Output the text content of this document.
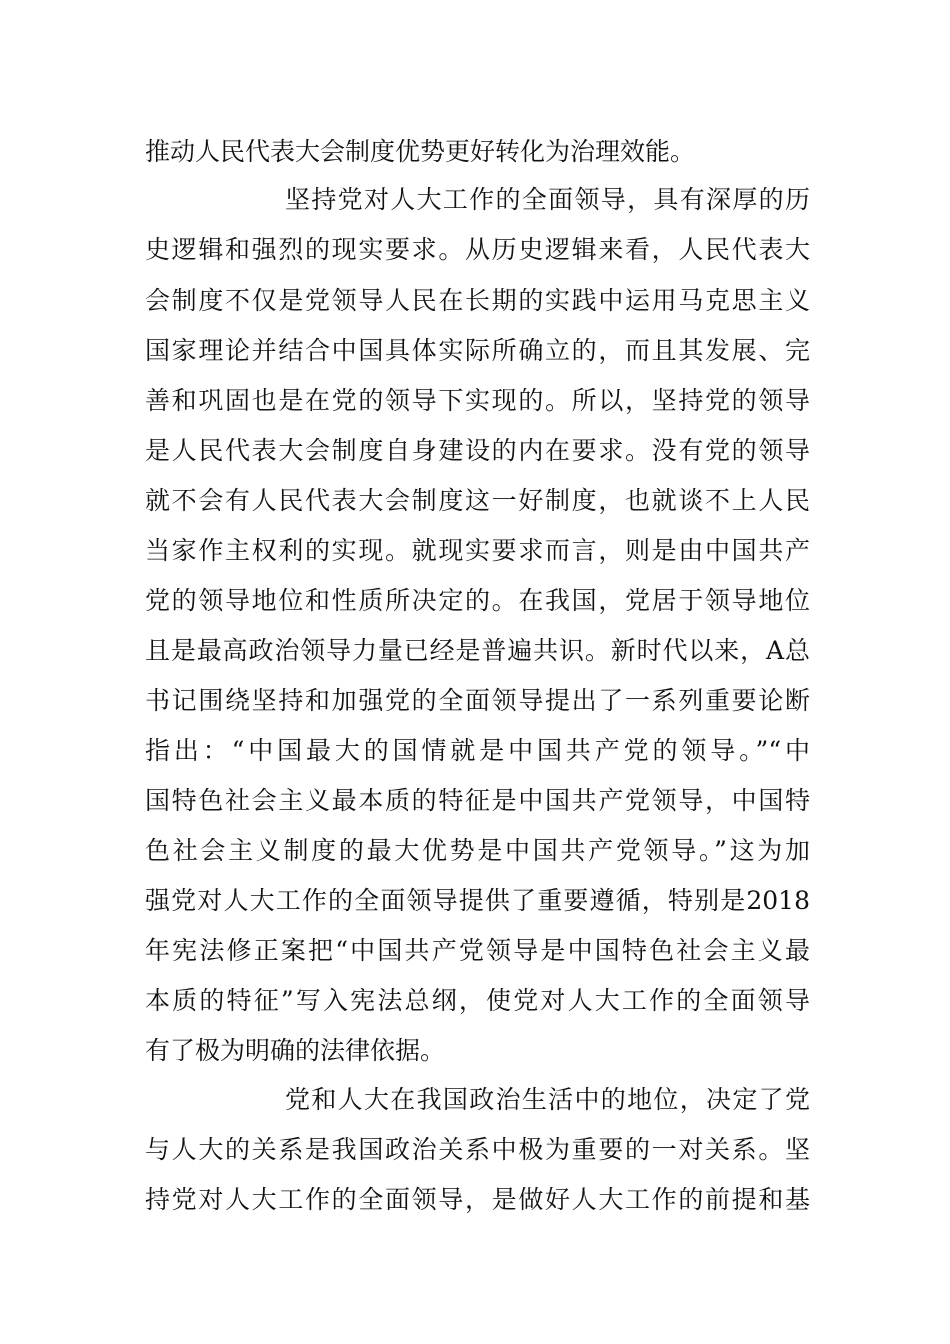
推动人民代表大会制度优势更好转化为治理效能。
坚持党对人大工作的全面领导，具有深厚的历
史逻辑和强烈的现实要求。从历史逻辑来看，人民代表大
会制度不仅是党领导人民在长期的实践中运用马克思主义
国家理论并结合中国具体实际所确立的，而且其发展、完
善和巩固也是在党的领导下实现的。所以，坚持党的领导
是人民代表大会制度自身建设的内在要求。没有党的领导
就不会有人民代表大会制度这一好制度，也就谈不上人民
当家作主权利的实现。就现实要求而言，则是由中国共产
党的领导地位和性质所决定的。在我国，党居于领导地位
且是最高政治领导力量已经是普遍共识。新时代以来，A总
书记围绕坚持和加强党的全面领导提出了一系列重要论断
指出：“中国最大的国情就是中国共产党的领导。”“中
国特色社会主义最本质的特征是中国共产党领导，中国特
色社会主义制度的最大优势是中国共产党领导。”这为加
强党对人大工作的全面领导提供了重要遵循，特别是2018
年宪法修正案把“中国共产党领导是中国特色社会主义最
本质的特征”写入宪法总纲，使党对人大工作的全面领导
有了极为明确的法律依据。
党和人大在我国政治生活中的地位，决定了党
与人大的关系是我国政治关系中极为重要的一对关系。坚
持党对人大工作的全面领导，是做好人大工作的前提和基
